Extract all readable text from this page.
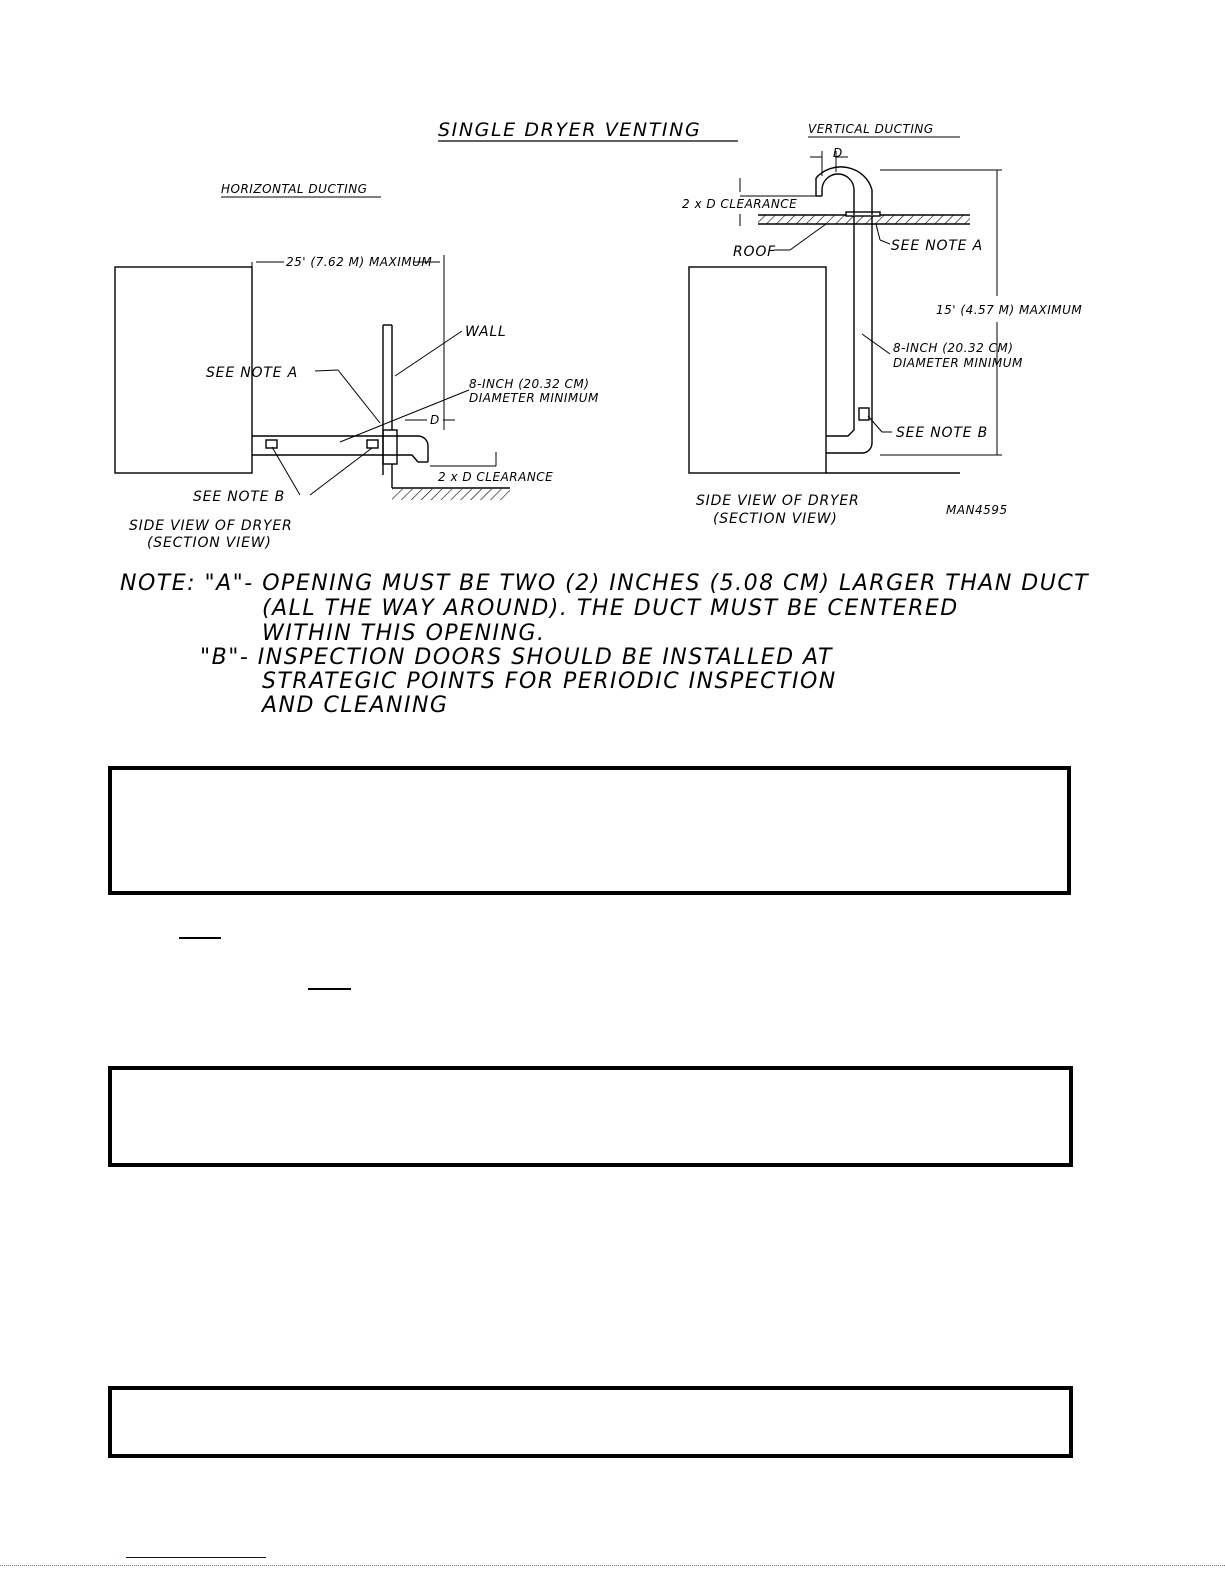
SINGLE DRYER VENTING
HORIZONTAL DUCTING
25' (7.62 M) MAXIMUM
WALL
SEE NOTE A
8-INCH (20.32 CM)
DIAMETER MINIMUM
D
2 x D CLEARANCE
SEE NOTE B
SIDE VIEW OF DRYER
(SECTION VIEW)
VERTICAL DUCTING
D
2 x D CLEARANCE
ROOF	SEE NOTE A
15' (4.57 M) MAXIMUM
8-INCH (20.32 CM)
DIAMETER MINIMUM
SEE NOTE B
SIDE VIEW OF DRYER
(SECTION VIEW)
MAN4595
NOTE: "A"- OPENING MUST BE TWO (2) INCHES (5.08 CM) LARGER THAN DUCT
(ALL THE WAY AROUND). THE DUCT MUST BE CENTERED
WITHIN THIS OPENING.
"B"- INSPECTION DOORS SHOULD BE INSTALLED AT
STRATEGIC POINTS FOR PERIODIC INSPECTION
AND CLEANING
